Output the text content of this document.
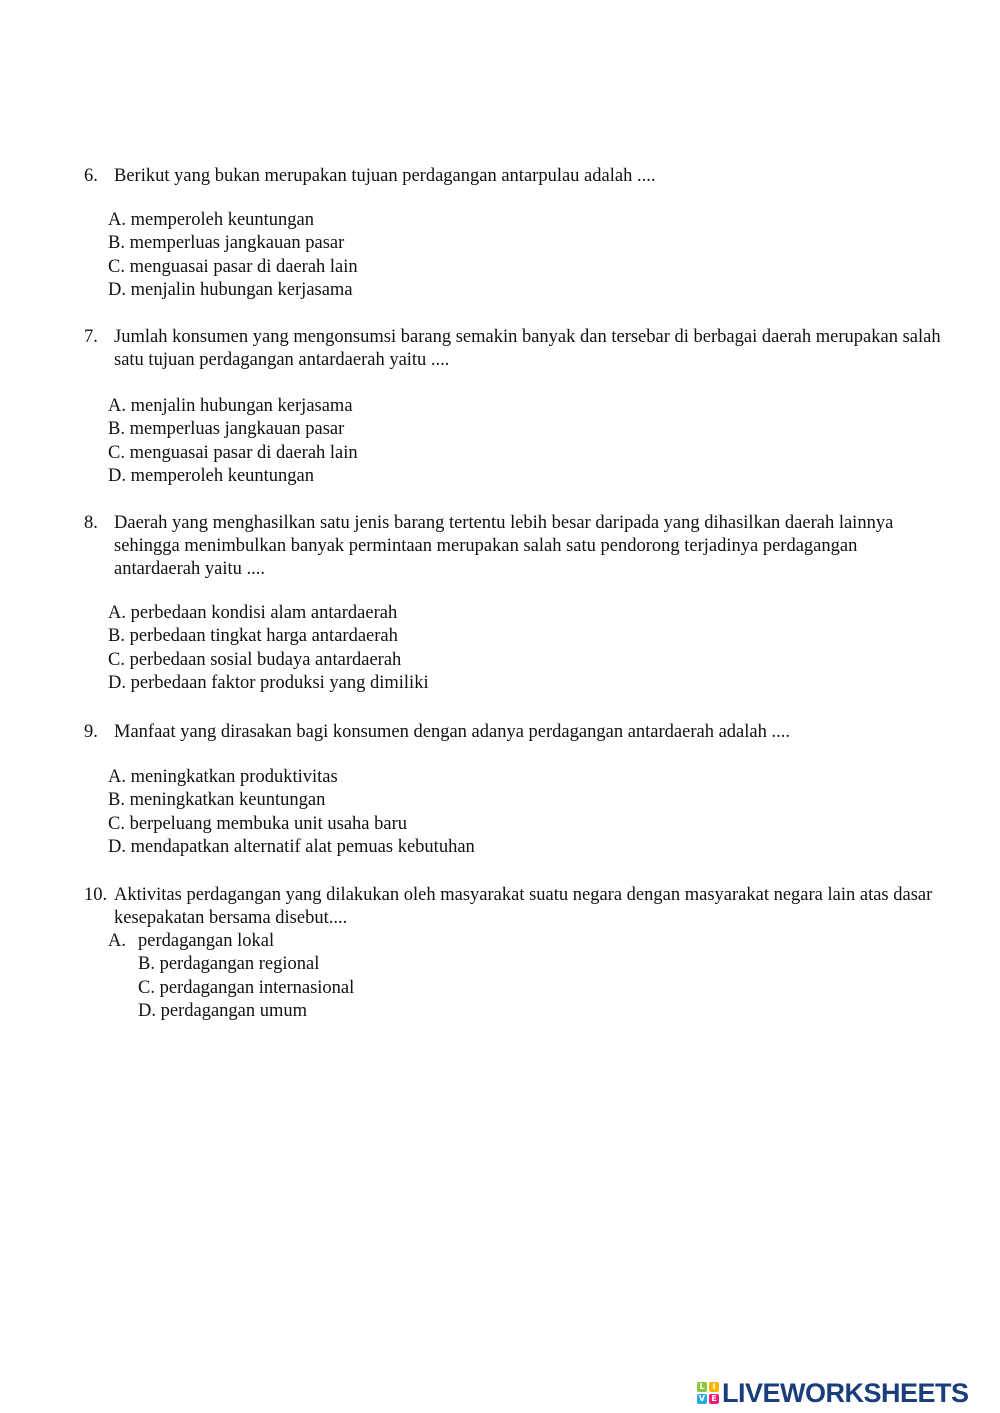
6. Berikut yang bukan merupakan tujuan perdagangan antarpulau adalah ....
A. memperoleh keuntungan
B. memperluas jangkauan pasar
C. menguasai pasar di daerah lain
D. menjalin hubungan kerjasama
7. Jumlah konsumen yang mengonsumsi barang semakin banyak dan tersebar di berbagai daerah merupakan salah satu tujuan perdagangan antardaerah yaitu ....
A. menjalin hubungan kerjasama
B. memperluas jangkauan pasar
C. menguasai pasar di daerah lain
D. memperoleh keuntungan
8. Daerah yang menghasilkan satu jenis barang tertentu lebih besar daripada yang dihasilkan daerah lainnya sehingga menimbulkan banyak permintaan merupakan salah satu pendorong terjadinya perdagangan antardaerah yaitu ....
A. perbedaan kondisi alam antardaerah
B. perbedaan tingkat harga antardaerah
C. perbedaan sosial budaya antardaerah
D. perbedaan faktor produksi yang dimiliki
9. Manfaat yang dirasakan bagi konsumen dengan adanya perdagangan antardaerah adalah ....
A. meningkatkan produktivitas
B. meningkatkan keuntungan
C. berpeluang membuka unit usaha baru
D. mendapatkan alternatif alat pemuas kebutuhan
10. Aktivitas perdagangan yang dilakukan oleh masyarakat suatu negara dengan masyarakat negara lain atas dasar kesepakatan bersama disebut....
A. perdagangan lokal
B. perdagangan regional
C. perdagangan internasional
D. perdagangan umum
L I
V E LIVEWORKSHEETS
